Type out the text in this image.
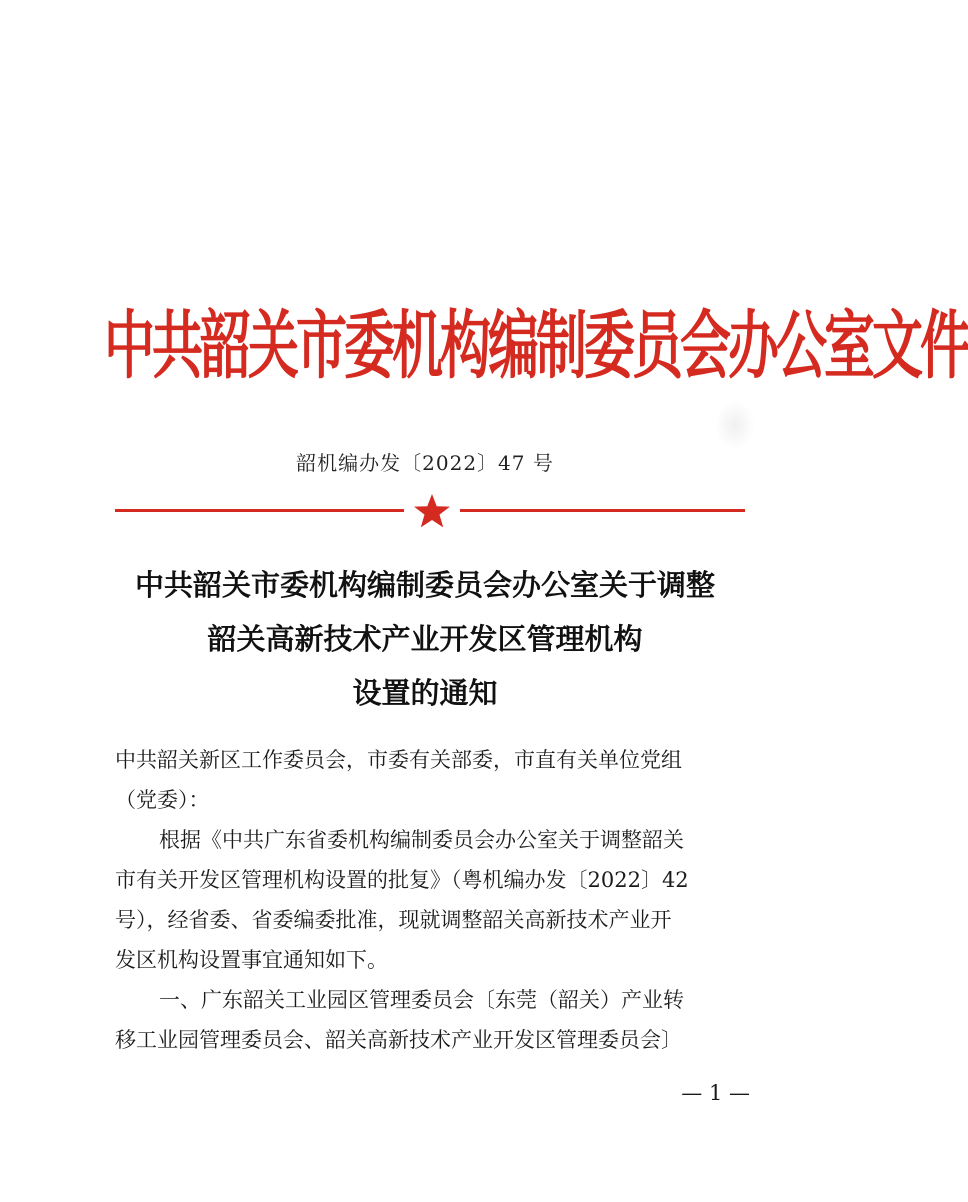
中共韶关市委机构编制委员会办公室文件
韶机编办发〔2022〕47 号
中共韶关市委机构编制委员会办公室关于调整
韶关高新技术产业开发区管理机构
设置的通知
中共韶关新区工作委员会，市委有关部委，市直有关单位党组
（党委）：
根据《中共广东省委机构编制委员会办公室关于调整韶关
市有关开发区管理机构设置的批复》（粤机编办发〔2022〕42
号），经省委、省委编委批准，现就调整韶关高新技术产业开
发区机构设置事宜通知如下。
一、广东韶关工业园区管理委员会〔东莞（韶关）产业转
移工业园管理委员会、韶关高新技术产业开发区管理委员会〕
— 1 —
